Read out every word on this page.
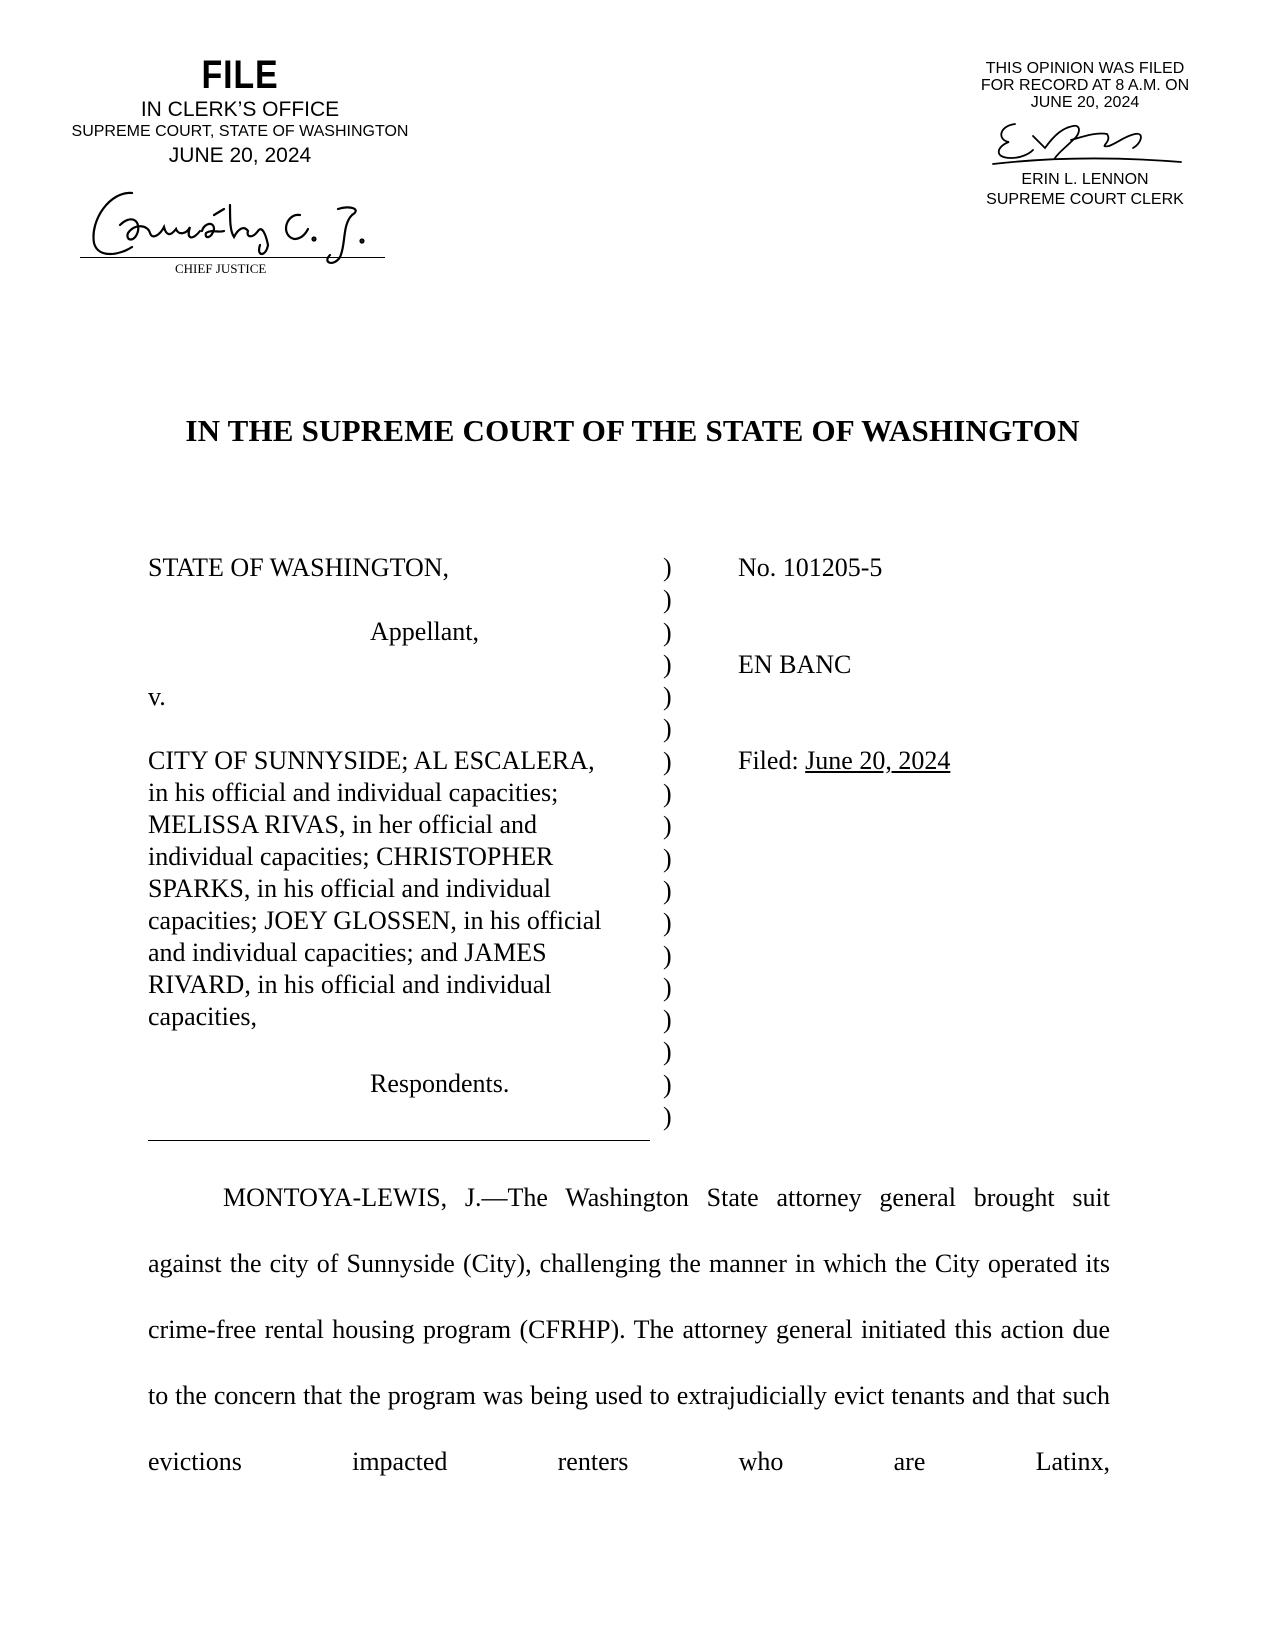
FILE
IN CLERK’S OFFICE
SUPREME COURT, STATE OF WASHINGTON
JUNE 20, 2024
CHIEF JUSTICE
THIS OPINION WAS FILED
FOR RECORD AT 8 A.M. ON
JUNE 20, 2024
ERIN L. LENNON
SUPREME COURT CLERK
IN THE SUPREME COURT OF THE STATE OF WASHINGTON
STATE OF WASHINGTON,
Appellant,
v.
CITY OF SUNNYSIDE; AL ESCALERA,
in his official and individual capacities;
MELISSA RIVAS, in her official and
individual capacities; CHRISTOPHER
SPARKS, in his official and individual
capacities; JOEY GLOSSEN, in his official
and individual capacities; and JAMES
RIVARD, in his official and individual
capacities,
Respondents.
)
)
)
)
)
)
)
)
)
)
)
)
)
)
)
)
)
)
No. 101205-5
EN BANC
Filed: June 20, 2024

MONTOYA-LEWIS, J.—The Washington State attorney general brought suit against the city of Sunnyside (City), challenging the manner in which the City operated its crime-free rental housing program (CFRHP). The attorney general initiated this action due to the concern that the program was being used to extrajudicially evict tenants and that such evictions impacted renters who are Latinx,
